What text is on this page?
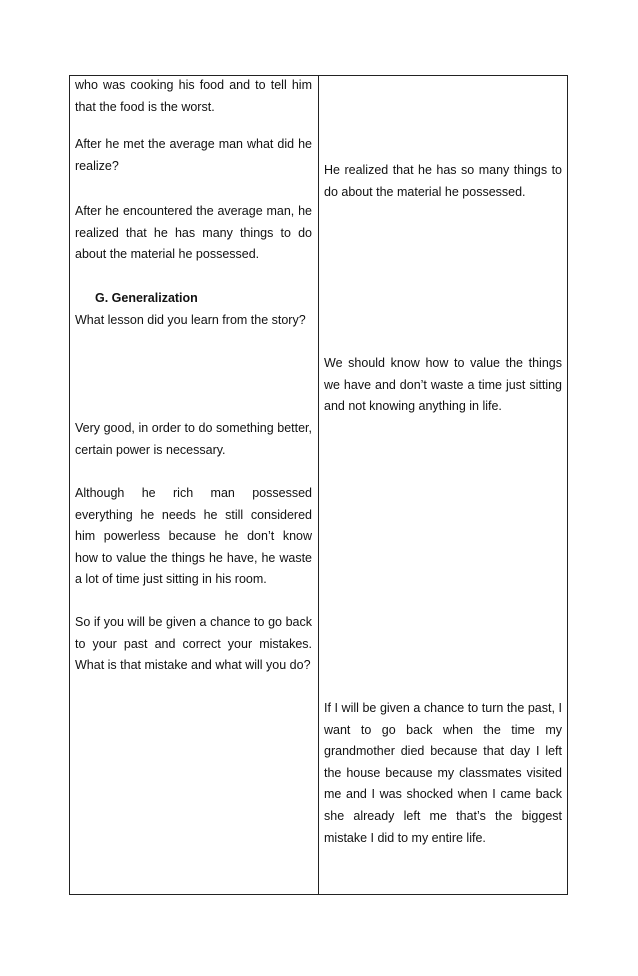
who was cooking his food and to tell him that the food is the worst.

After he met the average man what did he realize?

After he encountered the average man, he realized that he has many things to do about the material he possessed.

G. Generalization

What lesson did you learn from the story?

Very good, in order to do something better, certain power is necessary.

Although he rich man possessed everything he needs he still considered him powerless because he don’t know how to value the things he have, he waste a lot of time just sitting in his room.

So if you will be given a chance to go back to your past and correct your mistakes. What is that mistake and what will you do?

He realized that he has so many things to do about the material he possessed.

We should know how to value the things we have and don’t waste a time just sitting and not knowing anything in life.

If I will be given a chance to turn the past, I want to go back when the time my grandmother died because that day I left the house because my classmates visited me and I was shocked when I came back she already left me that’s the biggest mistake I did to my entire life.
